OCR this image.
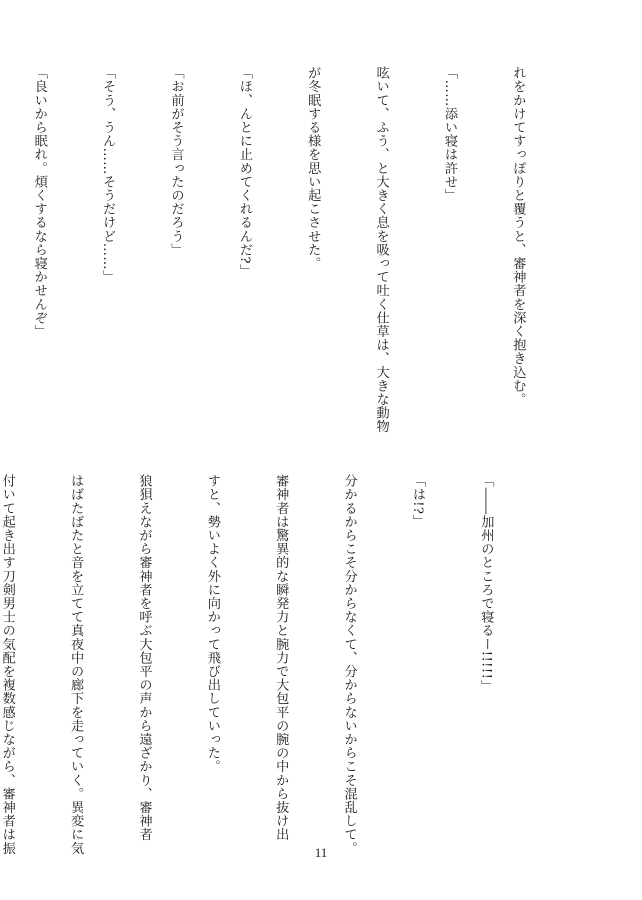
れをかけてすっぽりと覆うと、審神者を深く抱き込む。

「……添い寝は許せ」

呟いて、ふう、と大きく息を吸って吐く仕草は、大きな動物

が冬眠する様を思い起こさせた。

「ほ、んとに止めてくれるんだ?」

「お前がそう言ったのだろう」

「そう、うん……そうだけど……」

「良いから眠れ。煩くするなら寝かせんぞ」

「――加州のところで寝るー!!!!!」

「は!?」

分かるからこそ分からなくて、分からないからこそ混乱して。

審神者は驚異的な瞬発力と腕力で大包平の腕の中から抜け出

すと、勢いよく外に向かって飛び出していった。

狼狽えながら審神者を呼ぶ大包平の声から遠ざかり、審神者

はばたばたと音を立てて真夜中の廊下を走っていく。異変に気

付いて起き出す刀剣男士の気配を複数感じながら、審神者は振

	11
